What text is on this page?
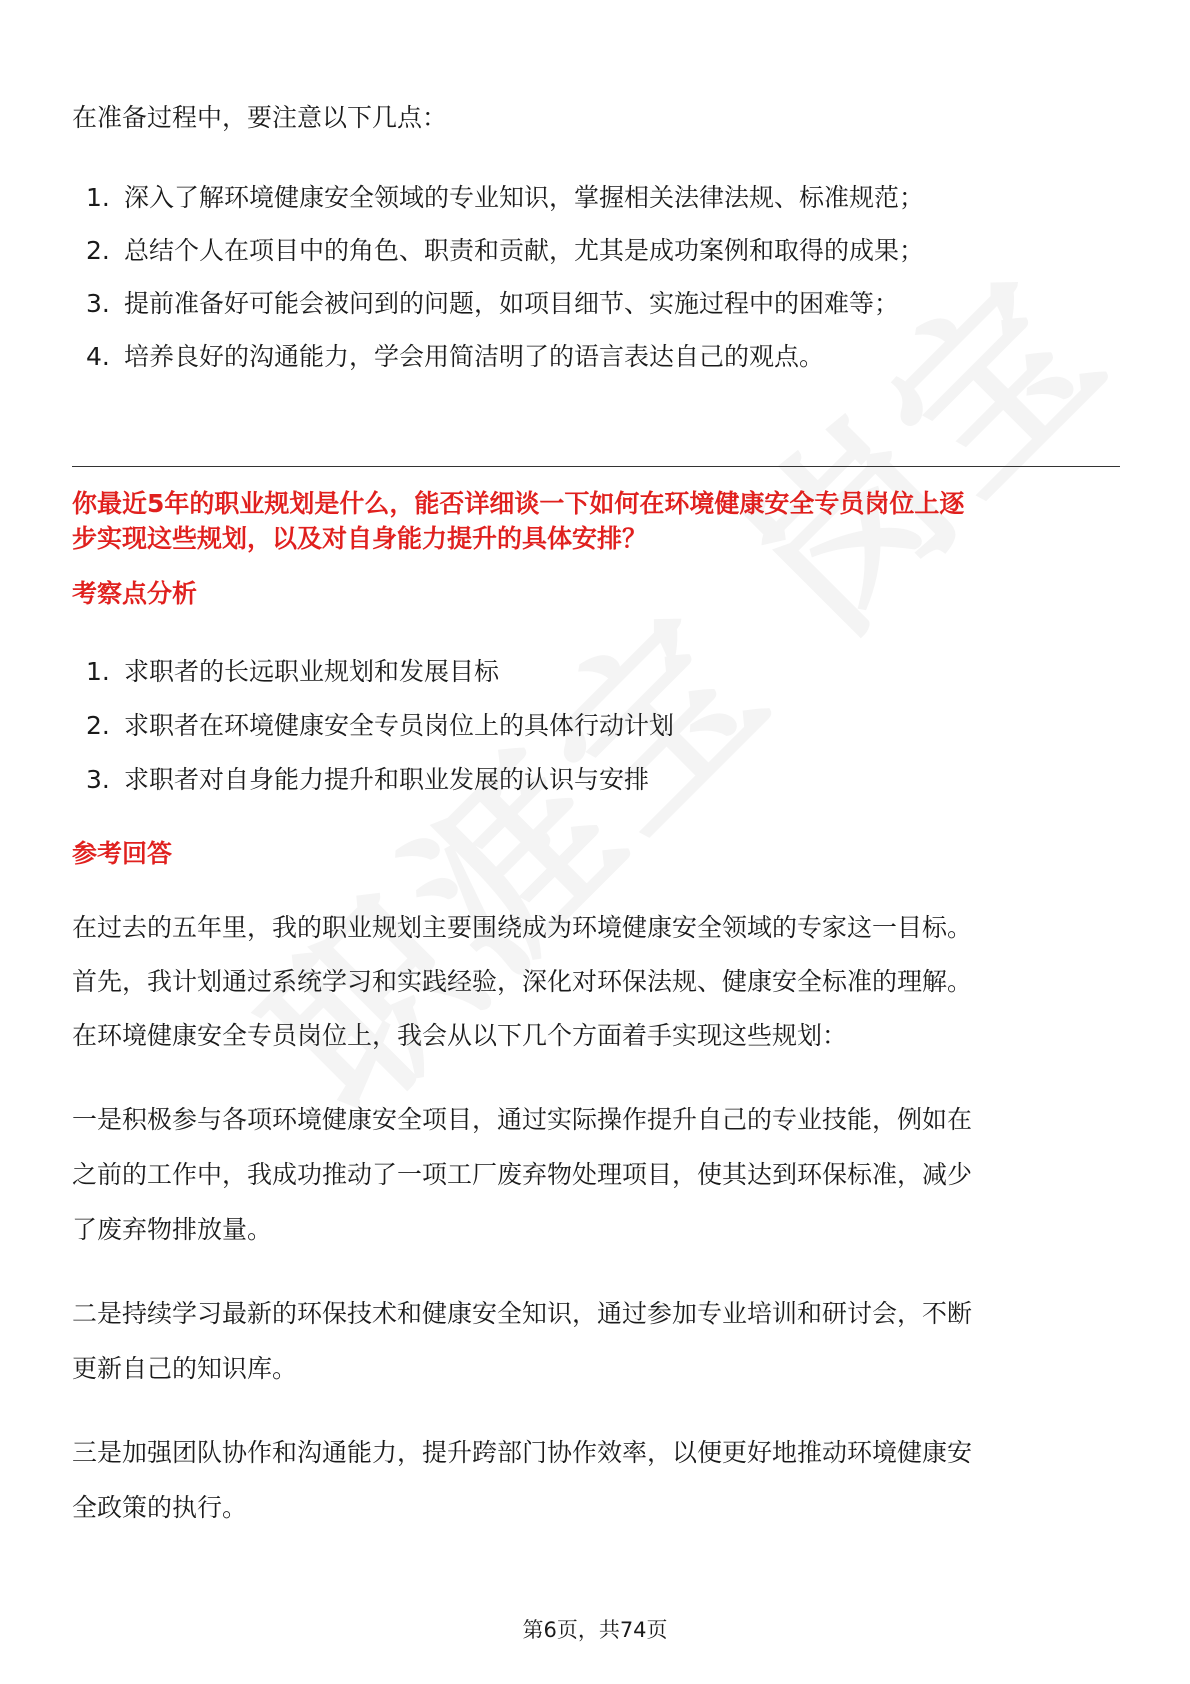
在准备过程中，要注意以下几点：

1. 深入了解环境健康安全领域的专业知识，掌握相关法律法规、标准规范；
2. 总结个人在项目中的角色、职责和贡献，尤其是成功案例和取得的成果；
3. 提前准备好可能会被问到的问题，如项目细节、实施过程中的困难等；
4. 培养良好的沟通能力，学会用简洁明了的语言表达自己的观点。
你最近5年的职业规划是什么，能否详细谈一下如何在环境健康安全专员岗位上逐
步实现这些规划，以及对自身能力提升的具体安排？
考察点分析
1. 求职者的长远职业规划和发展目标
2. 求职者在环境健康安全专员岗位上的具体行动计划
3. 求职者对自身能力提升和职业发展的认识与安排
参考回答

在过去的五年里，我的职业规划主要围绕成为环境健康安全领域的专家这一目标。

首先，我计划通过系统学习和实践经验，深化对环保法规、健康安全标准的理解。

在环境健康安全专员岗位上，我会从以下几个方面着手实现这些规划：

一是积极参与各项环境健康安全项目，通过实际操作提升自己的专业技能，例如在

之前的工作中，我成功推动了一项工厂废弃物处理项目，使其达到环保标准，减少

了废弃物排放量。

二是持续学习最新的环保技术和健康安全知识，通过参加专业培训和研讨会，不断

更新自己的知识库。

三是加强团队协作和沟通能力，提升跨部门协作效率，以便更好地推动环境健康安

全政策的执行。

第6页，共74页
